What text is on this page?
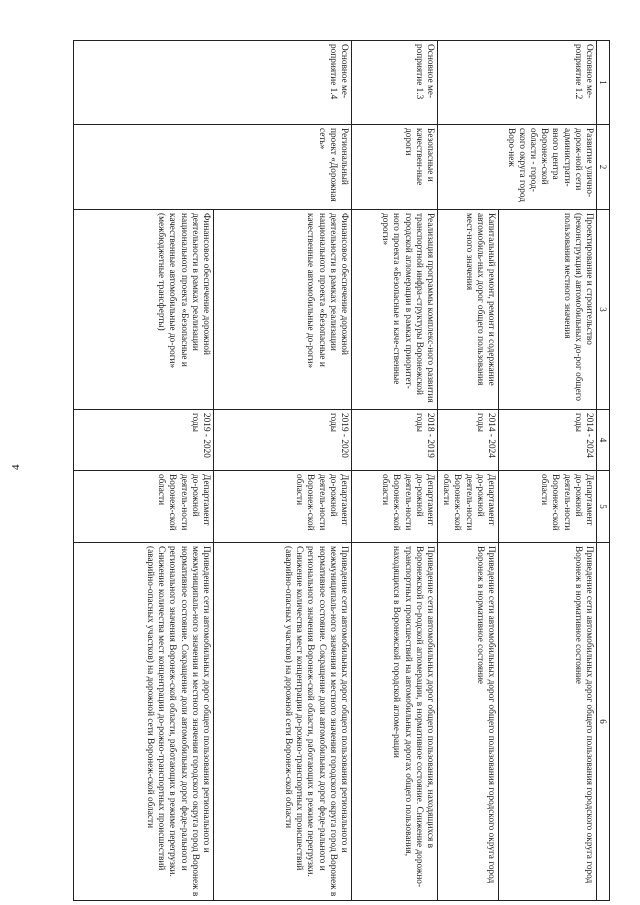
4
1	2	3	4	5	6
Основное ме-роприятие 1.2	Развитие улично-дорож-ной сети администрати-вного центра Воронеж-ской области - город-ского округа город Воро-неж	Проектирование и строительство (реконструкция) автомобильных до-рог общего пользования местного значения	2014 - 2024 годы	Департамент до-рожной деятель-ности Воронеж-ской области	Приведение сети автомобильных дорог общего пользования городского округа город Воронеж в нормативное состояние
		Капитальный ремонт, ремонт и содержание автомобиль-ных дорог общего пользования мест-ного значения	2014 - 2024 годы	Департамент до-рожной деятель-ности Воронеж-ской области	Приведение сети автомобильных дорог общего пользования городского округа город Воронеж в нормативное состояние
Основное ме-роприятие 1.3	Безопасные и качествен-ные дороги	Реализация программы комплекс-ного развития транспортной инфра-структуры Воронежской городской агломерации в рамках приоритет-ного проекта «Безопасные и каче-ственные дороги»	2018 - 2019 годы	Департамент до-рожной деятель-ности Воронеж-ской области	Приведение сети автомобильных дорог общего пользования, находящихся в Воронежской го-родской агломерации, в нормативное состояние. Снижение дорожно-транспортных происшествий на автомобильных дорогах общего пользования, находящихся в Воронежской городской агломе-рации
Основное ме-роприятие 1.4	Региональный проект «Дорожная сеть»	Финансовое обеспечение дорожной деятельности в рамках реализации национального проекта «Безопасные и качественные автомобильные до-роги»	2019 - 2020 годы	Департамент до-рожной деятель-ности Воронеж-ской области	Приведение сети автомобильных дорог общего пользования регионального и межмуниципаль-ного значения и местного значения городского округа город Воронеж в нормативное состояние. Сокращение доли автомобильных дорог феде-рального и регионального значения Воронеж-ской области, работающих в режиме перегрузки. Снижение количества мест концентрации до-рожно-транспортных происшествий (аварийно-опасных участков) на дорожной сети Воронеж-ской области
		Финансовое обеспечение дорожной деятельности в рамках реализации национального проекта «Безопасные и качественные автомобильные до-роги» (межбюджетные трансферты)	2019 - 2020 годы	Департамент до-рожной деятель-ности Воронеж-ской области	Приведение сети автомобильных дорог общего пользования регионального и межмуниципаль-ного значения и местного значения городского округа город Воронеж в нормативное состояние. Сокращение доли автомобильных дорог феде-рального и регионального значения Воронеж-ской области, работающих в режиме перегрузки. Снижение количества мест концентрации до-рожно-транспортных происшествий (аварийно-опасных участков) на дорожной сети Воронеж-ской области
